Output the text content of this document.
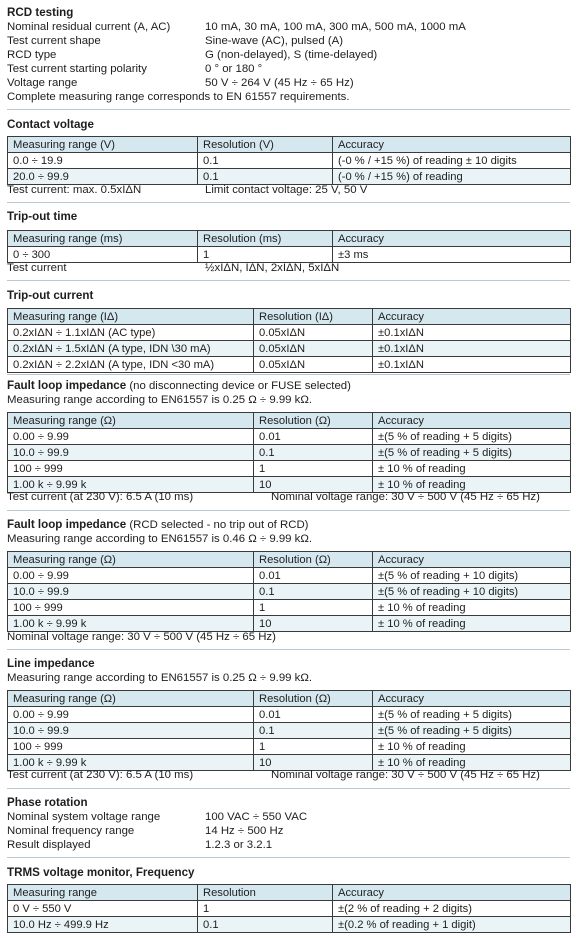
RCD testing
Nominal residual current (A, AC)	10 mA, 30 mA, 100 mA, 300 mA, 500 mA, 1000 mA
Test current shape	Sine-wave (AC), pulsed (A)
RCD type	G (non-delayed), S (time-delayed)
Test current starting polarity	0 ° or 180 °
Voltage range	50 V ÷ 264 V (45 Hz ÷ 65 Hz)
Complete measuring range corresponds to EN 61557 requirements.
Contact voltage
Measuring range (V)	Resolution (V)	Accuracy
0.0 ÷ 19.9	0.1	(-0 % / +15 %) of reading ± 10 digits
20.0 ÷ 99.9	0.1	(-0 % / +15 %) of reading
Test current: max. 0.5xIΔN	Limit contact voltage: 25 V, 50 V
Trip-out time
Measuring range (ms)	Resolution (ms)	Accuracy
0 ÷ 300	1	±3 ms
Test current	½xIΔN, IΔN, 2xIΔN, 5xIΔN
Trip-out current
Measuring range (IΔ)	Resolution (IΔ)	Accuracy
0.2xIΔN ÷ 1.1xIΔN (AC type)	0.05xIΔN	±0.1xIΔN
0.2xIΔN ÷ 1.5xIΔN (A type, IDN \30 mA)	0.05xIΔN	±0.1xIΔN
0.2xIΔN ÷ 2.2xIΔN (A type, IDN <30 mA)	0.05xIΔN	±0.1xIΔN
Fault loop impedance (no disconnecting device or FUSE selected)
Measuring range according to EN61557 is 0.25 Ω ÷ 9.99 kΩ.
Measuring range (Ω)	Resolution (Ω)	Accuracy
0.00 ÷ 9.99	0.01	±(5 % of reading + 5 digits)
10.0 ÷ 99.9	0.1	±(5 % of reading + 5 digits)
100 ÷ 999	1	± 10 % of reading
1.00 k ÷ 9.99 k	10	± 10 % of reading
Test current (at 230 V): 6.5 A (10 ms)	Nominal voltage range: 30 V ÷ 500 V (45 Hz ÷ 65 Hz)
Fault loop impedance (RCD selected - no trip out of RCD)
Measuring range according to EN61557 is 0.46 Ω ÷ 9.99 kΩ.
Measuring range (Ω)	Resolution (Ω)	Accuracy
0.00 ÷ 9.99	0.01	±(5 % of reading + 10 digits)
10.0 ÷ 99.9	0.1	±(5 % of reading + 10 digits)
100 ÷ 999	1	± 10 % of reading
1.00 k ÷ 9.99 k	10	± 10 % of reading
Nominal voltage range: 30 V ÷ 500 V (45 Hz ÷ 65 Hz)
Line impedance
Measuring range according to EN61557 is 0.25 Ω ÷ 9.99 kΩ.
Measuring range (Ω)	Resolution (Ω)	Accuracy
0.00 ÷ 9.99	0.01	±(5 % of reading + 5 digits)
10.0 ÷ 99.9	0.1	±(5 % of reading + 5 digits)
100 ÷ 999	1	± 10 % of reading
1.00 k ÷ 9.99 k	10	± 10 % of reading
Test current (at 230 V): 6.5 A (10 ms)	Nominal voltage range: 30 V ÷ 500 V (45 Hz ÷ 65 Hz)
Phase rotation
Nominal system voltage range	100 VAC ÷ 550 VAC
Nominal frequency range	14 Hz ÷ 500 Hz
Result displayed	1.2.3 or 3.2.1
TRMS voltage monitor, Frequency
Measuring range	Resolution	Accuracy
0 V ÷ 550 V	1	±(2 % of reading + 2 digits)
10.0 Hz ÷ 499.9 Hz	0.1	±(0.2 % of reading + 1 digit)
